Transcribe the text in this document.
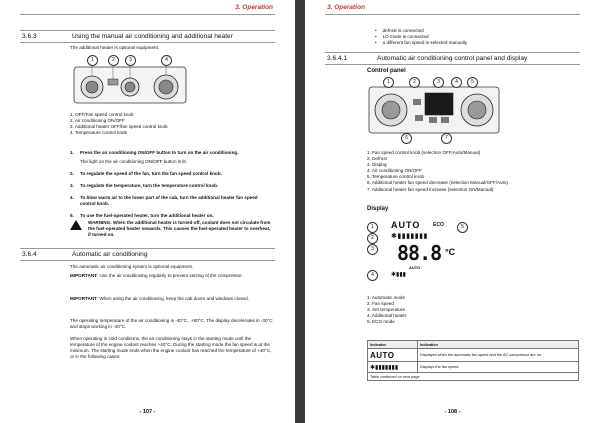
3. Operation
3.6.3	Using the manual air conditioning and additional heater
The additional heater is optional equipment.
1	2	3	4
1. OFF/Fan speed control knob
2. Air conditioning ON/OFF
3. Additional heater OFF/fan speed control knob
4. Temperature control knob
1. Press the air conditioning ON/OFF button to turn on the air conditioning.
The light on the air conditioning ON/OFF button is lit.
2. To regulate the speed of the fan, turn the fan speed control knob.
3. To regulate the temperature, turn the temperature control knob.
4. To blow warm air to the lower part of the cab, turn the additional heater fan speed control knob.
5. To use the fuel-operated heater, turn the additional heater on.
WARNING: When the additional heater is turned off, coolant does not circulate from the fuel-operated heater onwards. This causes the fuel-operated heater to overheat, if turned on.
3.6.4	Automatic air conditioning
The automatic air conditioning system is optional equipment.
IMPORTANT: Use the air conditioning regularly to prevent seizing of the compressor.
IMPORTANT: When using the air conditioning, keep the cab doors and windows closed.
The operating temperature of the air conditioning is -40°C...+80°C. The display decelerates in -30°C and stops working in -40°C.
When operating in cold conditions, the air conditioning stays in the starting mode until the temperature of the engine coolant reaches +40°C. During the starting mode the fan speed is at the minimum. The starting mode ends when the engine coolant has reached the temperature of +40°C, or in the following cases:
- 107 -
3. Operation
• defrost is connected
• LO mode is connected
• a different fan speed is selected manually
3.6.4.1	Automatic air conditioning control panel and display
Control panel
1	2	3	4	5
6	7
1. Fan speed control knob (selection OFF/Auto/Manual)
2. Defrost
3. Display
4. Air conditioning ON/OFF
5. Temperature control knob
6. Additional heater fan speed decrease (selection Manual/OFF/Auto)
7. Additional heater fan speed increase (selection ON/Manual)
Display
1
2
3
4
5
AUTO	ECO
✱▮▮▮▮▮▮▮
88.8 °C
AUTO
✱▮▮▮
1. Automatic mode
2. Fan speed
3. Set temperature
4. Additional heater
5. ECO mode
Indicator	Indication
AUTO	Displayed when the automatic fan speed and the AC compressor are on.
✱▮▮▮▮▮▮▮	Displays the fan speed.
Table continued on next page	
- 108 -
